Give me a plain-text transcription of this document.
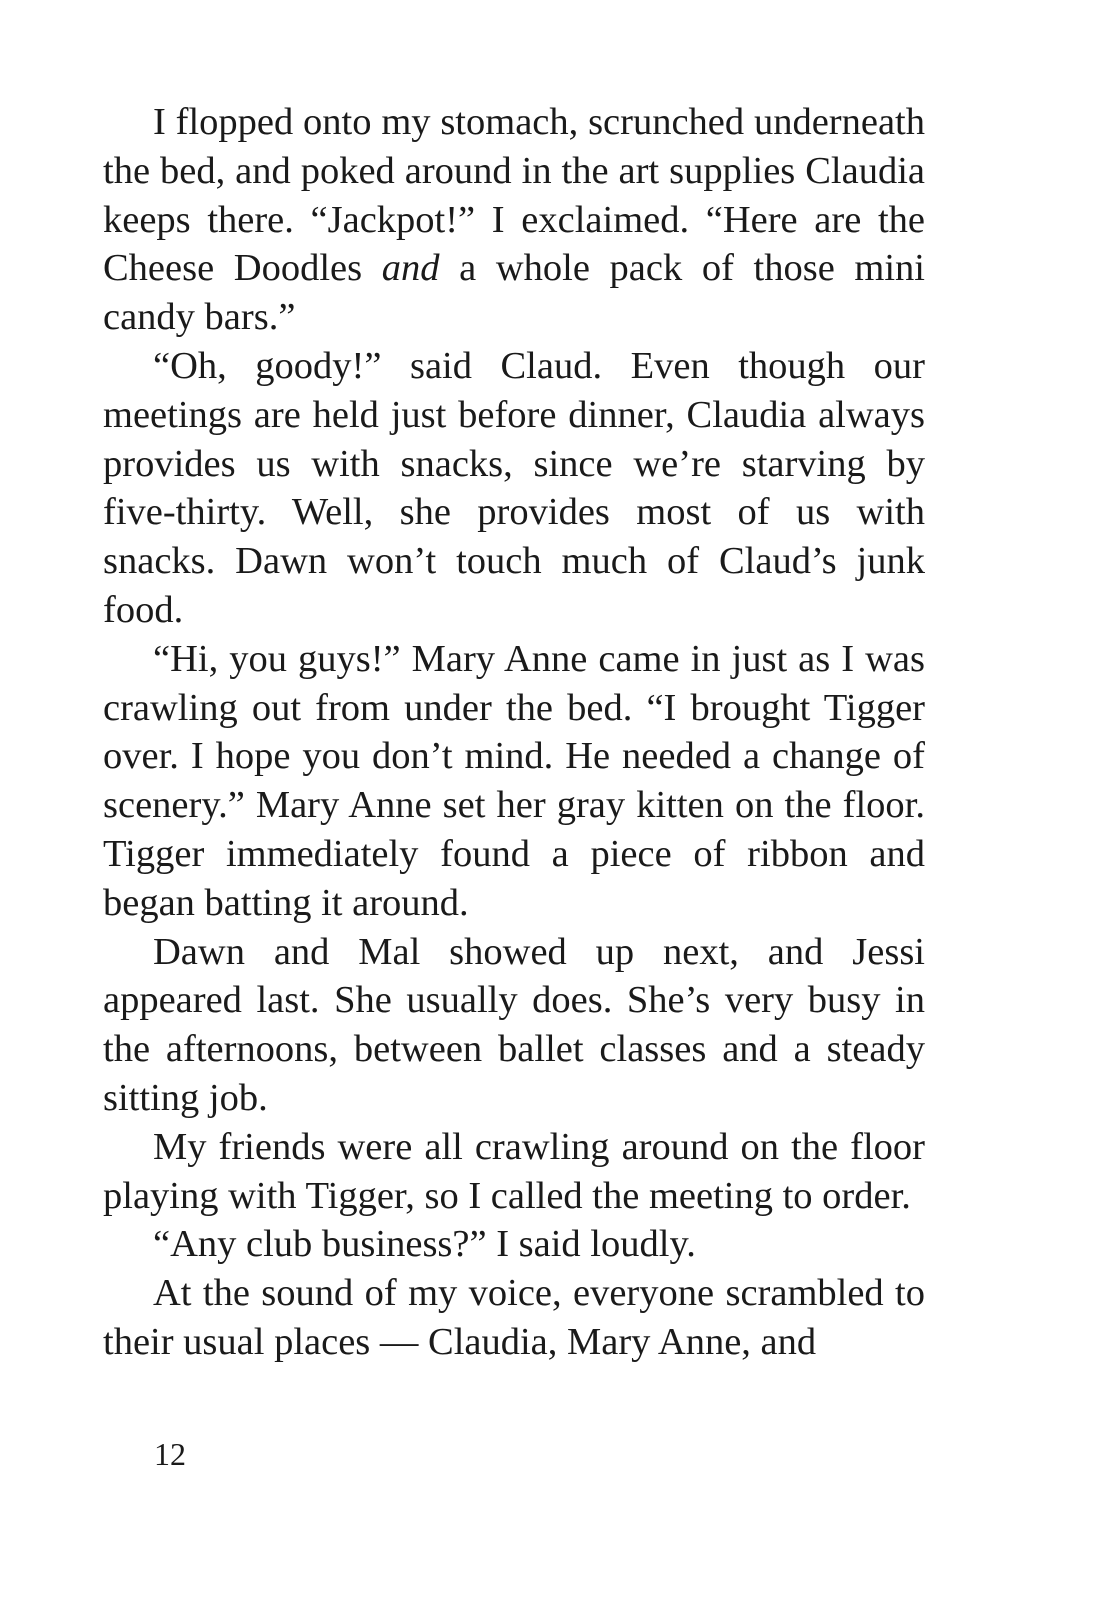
I flopped onto my stomach, scrunched underneath the bed, and poked around in the art supplies Claudia keeps there. “Jackpot!” I exclaimed. “Here are the Cheese Doodles and a whole pack of those mini candy bars.”

“Oh, goody!” said Claud. Even though our meetings are held just before dinner, Claudia always provides us with snacks, since we’re starving by five-thirty. Well, she provides most of us with snacks. Dawn won’t touch much of Claud’s junk food.

“Hi, you guys!” Mary Anne came in just as I was crawling out from under the bed. “I brought Tigger over. I hope you don’t mind. He needed a change of scenery.” Mary Anne set her gray kitten on the floor. Tigger immediately found a piece of ribbon and began batting it around.

Dawn and Mal showed up next, and Jessi appeared last. She usually does. She’s very busy in the afternoons, between ballet classes and a steady sitting job.

My friends were all crawling around on the floor playing with Tigger, so I called the meeting to order.

“Any club business?” I said loudly.

At the sound of my voice, everyone scrambled to their usual places — Claudia, Mary Anne, and

12
